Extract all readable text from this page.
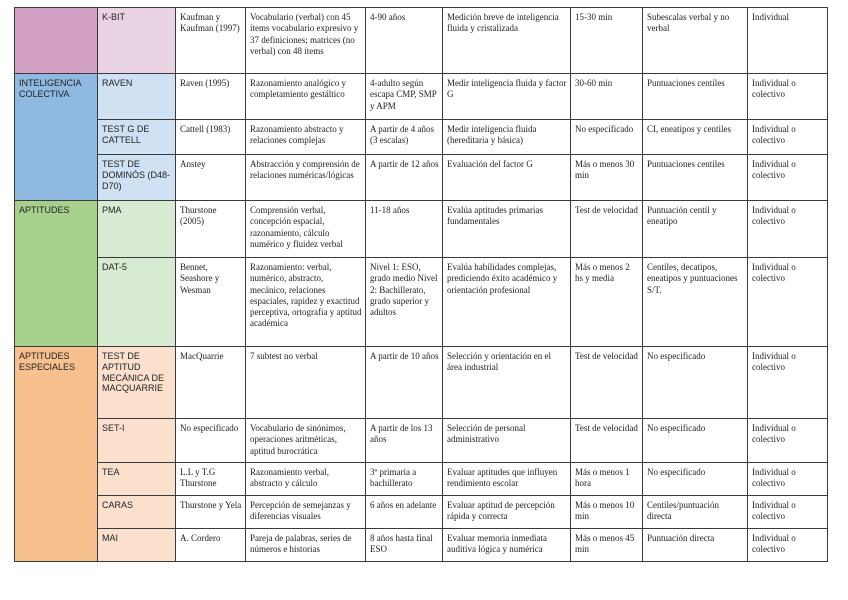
	K-BIT	Kaufman y Kaufman (1997)	Vocabulario (verbal) con 45 ítems vocabulario expresivo y 37 definiciones; matrices (no verbal) con 48 ítems	4-90 años	Medición breve de inteligencia fluida y cristalizada	15-30 min	Subescalas verbal y no verbal	Individual
INTELIGENCIA COLECTIVA	RAVEN	Raven (1995)	Razonamiento analógico y completamiento gestáltico	4-adulto según escapa CMP, SMP y APM	Medir inteligencia fluida y factor G	30-60 min	Puntuaciones centiles	Individual o colectivo
	TEST G DE CATTELL	Cattell (1983)	Razonamiento abstracto y relaciones complejas	A partir de 4 años (3 escalas)	Medir inteligencia fluida (hereditaria y básica)	No especificado	CI, eneatipos y centiles	Individual o colectivo
	TEST DE DOMINÓS (D48-D70)	Anstey	Abstracción y comprensión de relaciones numéricas/lógicas	A partir de 12 años	Evaluación del factor G	Más o menos 30 min	Puntuaciones centiles	Individual o colectivo
APTITUDES	PMA	Thurstone (2005)	Comprensión verbal, concepción espacial, razonamiento, cálculo numérico y fluidez verbal	11-18 años	Evalúa aptitudes primarias fundamentales	Test de velocidad	Puntuación centil y eneatipo	Individual o colectivo
	DAT-5	Bennet, Seashore y Wesman	Razonamiento: verbal, numérico, abstracto, mecánico, relaciones espaciales, rapidez y exactitud perceptiva, ortografía y aptitud académica	Nivel 1: ESO, grado medio Nivel 2: Bachillerato, grado superior y adultos	Evalúa habilidades complejas, prediciendo éxito académico y orientación profesional	Más o menos 2 hs y media	Centiles, decatipos, eneatipos y puntuaciones S/T.	Individual o colectivo
APTITUDES ESPECIALES	TEST DE APTITUD MECÁNICA DE MACQUARRIE	MacQuarrie	7 subtest no verbal	A partir de 10 años	Selección y orientación en el área industrial	Test de velocidad	No especificado	Individual o colectivo
	SET-I	No especificado	Vocabulario de sinónimos, operaciones aritméticas, aptitud burocrática	A partir de los 13 años	Selección de personal administrativo	Test de velocidad	No especificado	Individual o colectivo
	TEA	L.L y T.G Thurstone	Razonamiento verbal, abstracto y cálculo	3º primaria a bachillerato	Evaluar aptitudes que influyen rendimiento escolar	Más o menos 1 hora	No especificado	Individual o colectivo
	CARAS	Thurstone y Yela	Percepción de semejanzas y diferencias visuales	6 años en adelante	Evaluar aptitud de percepción rápida y correcta	Más o menos 10 min	Centiles/puntuación directa	Individual o colectivo
	MAI	A. Cordero	Pareja de palabras, series de números e historias	8 años hasta final ESO	Evaluar memoria inmediata auditiva lógica y numérica	Más o menos 45 min	Puntuación directa	Individual o colectivo
